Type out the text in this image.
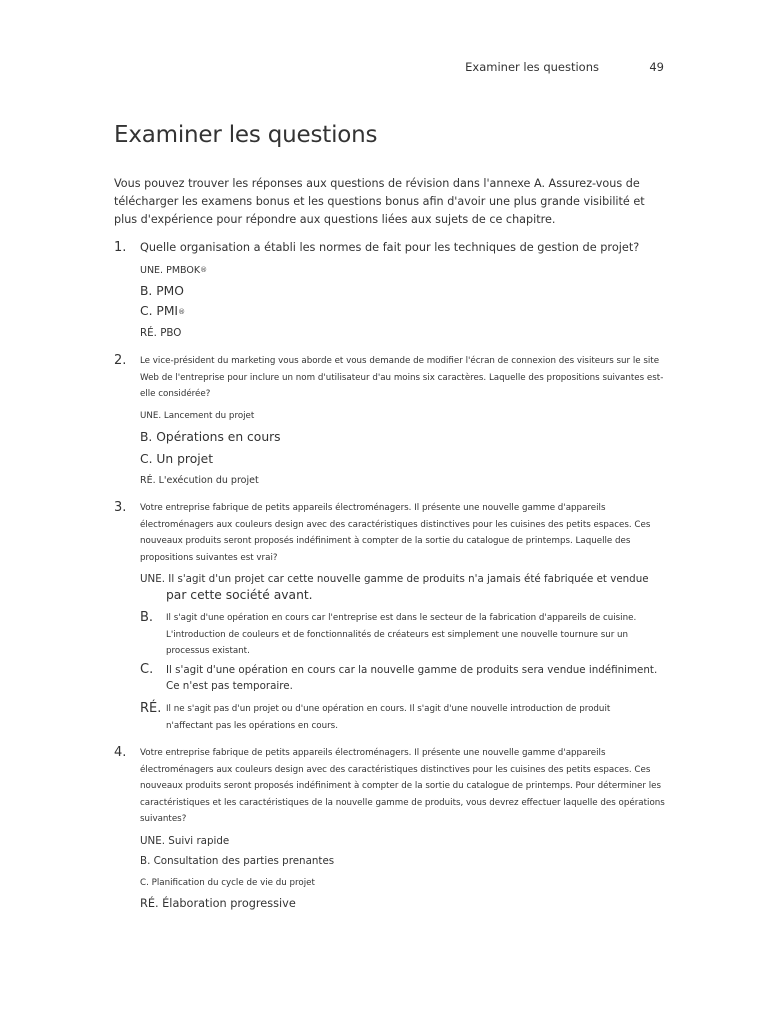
Examiner les questions	49
Examiner les questions
Vous pouvez trouver les réponses aux questions de révision dans l'annexe A. Assurez-vous de télécharger les examens bonus et les questions bonus afin d'avoir une plus grande visibilité et plus d'expérience pour répondre aux questions liées aux sujets de ce chapitre.
1. Quelle organisation a établi les normes de fait pour les techniques de gestion de projet?
UNE. PMBOK®
B. PMO
C. PMI®
RÉ. PBO
2. Le vice-président du marketing vous aborde et vous demande de modifier l'écran de connexion des visiteurs sur le site Web de l'entreprise pour inclure un nom d'utilisateur d'au moins six caractères. Laquelle des propositions suivantes est-elle considérée?
UNE. Lancement du projet
B. Opérations en cours
C. Un projet
RÉ. L'exécution du projet
3. Votre entreprise fabrique de petits appareils électroménagers. Il présente une nouvelle gamme d'appareils électroménagers aux couleurs design avec des caractéristiques distinctives pour les cuisines des petits espaces. Ces nouveaux produits seront proposés indéfiniment à compter de la sortie du catalogue de printemps. Laquelle des propositions suivantes est vrai?
UNE. Il s'agit d'un projet car cette nouvelle gamme de produits n'a jamais été fabriquée et vendue
par cette société avant.
B. Il s'agit d'une opération en cours car l'entreprise est dans le secteur de la fabrication d'appareils de cuisine. L'introduction de couleurs et de fonctionnalités de créateurs est simplement une nouvelle tournure sur un processus existant.
C. Il s'agit d'une opération en cours car la nouvelle gamme de produits sera vendue indéfiniment. Ce n'est pas temporaire.
RÉ. Il ne s'agit pas d'un projet ou d'une opération en cours. Il s'agit d'une nouvelle introduction de produit n'affectant pas les opérations en cours.
4. Votre entreprise fabrique de petits appareils électroménagers. Il présente une nouvelle gamme d'appareils électroménagers aux couleurs design avec des caractéristiques distinctives pour les cuisines des petits espaces. Ces nouveaux produits seront proposés indéfiniment à compter de la sortie du catalogue de printemps. Pour déterminer les caractéristiques et les caractéristiques de la nouvelle gamme de produits, vous devrez effectuer laquelle des opérations suivantes?
UNE. Suivi rapide
B. Consultation des parties prenantes
C. Planification du cycle de vie du projet
RÉ. Élaboration progressive
